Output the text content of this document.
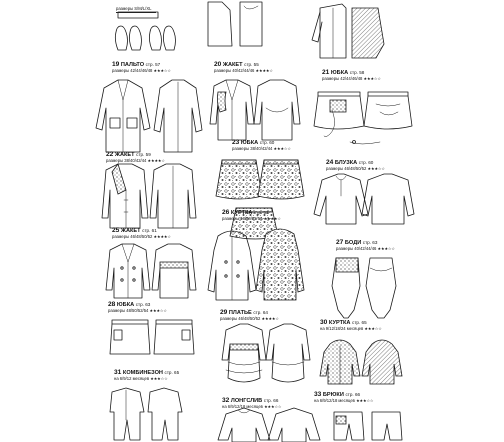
размеры S/M/L/XL
19 ПАЛЬТО стр. 57
размеры 42/44/46/48 ★★★☆☆
20 ЖАКЕТ стр. 55
размеры 40/42/44/46 ★★★★☆	21 ЮБКА стр. 58
размеры 42/44/46/48 ★★★☆☆
22 ЖАКЕТ стр. 59
размеры 38/40/42/44 ★★★★☆
23 ЮБКА стр. 60
размеры 38/40/42/44 ★★★☆☆
24 БЛУЗКА стр. 60
размеры 46/48/50/52 ★★★☆☆
25 ЖАКЕТ стр. 61
размеры 46/48/50/52 ★★★★☆
26 КУРТКА стр. 62
размеры 48/50/52/54 ★★★★☆
27 БОДИ стр. 63
размеры 40/42/44/46 ★★★☆☆
28 ЮБКА стр. 63
размеры 48/50/52/54 ★★★☆☆	29 ПЛАТЬЕ стр. 64
размеры 46/48/50/52 ★★★★☆
30 КУРТКА стр. 65
на 9/12/18/24 месяцев ★★★☆☆
31 КОМБИНЕЗОН стр. 65
на 6/9/12 месяцев ★★★☆☆
32 ЛОНГСЛИВ стр. 66
на 6/9/12/18 месяцев ★★★☆☆
33 БРЮКИ стр. 66
на 6/9/12/18 месяцев ★★★☆☆
